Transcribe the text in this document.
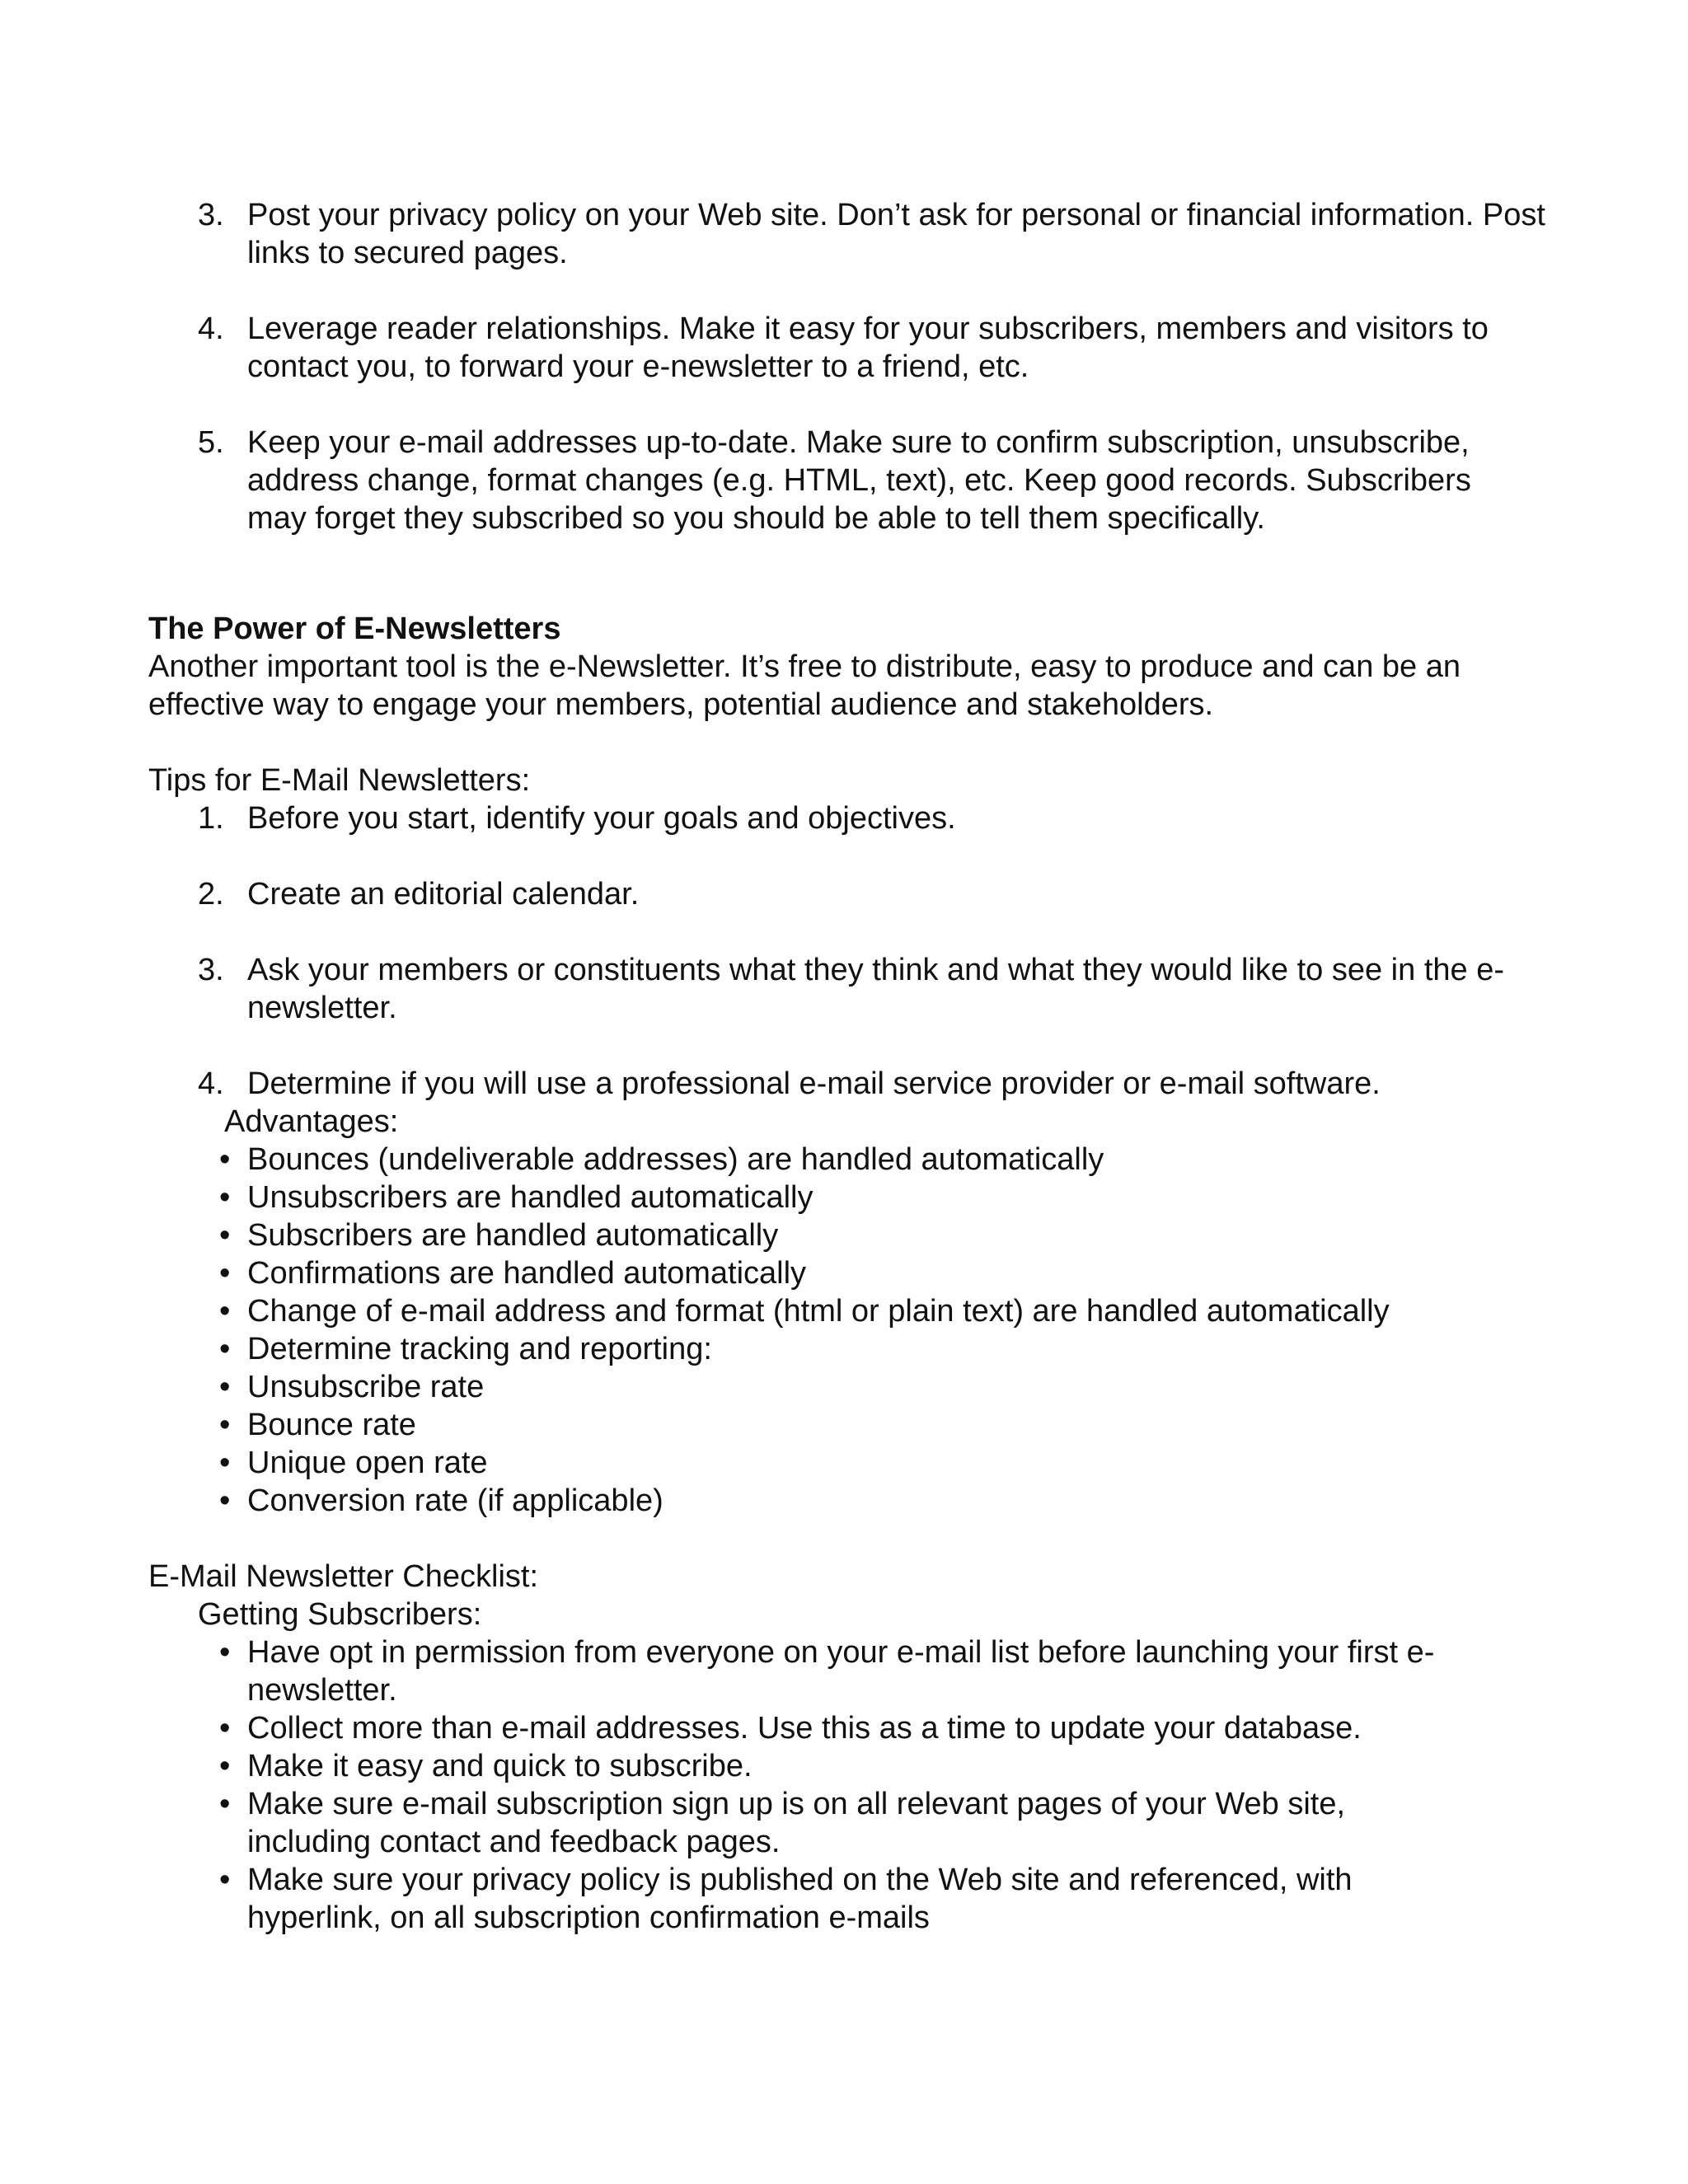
3. Post your privacy policy on your Web site. Don’t ask for personal or financial information. Post links to secured pages.

4. Leverage reader relationships. Make it easy for your subscribers, members and visitors to contact you, to forward your e-newsletter to a friend, etc.

5. Keep your e-mail addresses up-to-date. Make sure to confirm subscription, unsubscribe, address change, format changes (e.g. HTML, text), etc. Keep good records. Subscribers may forget they subscribed so you should be able to tell them specifically.

The Power of E-Newsletters

Another important tool is the e-Newsletter. It’s free to distribute, easy to produce and can be an effective way to engage your members, potential audience and stakeholders.

Tips for E-Mail Newsletters:

1. Before you start, identify your goals and objectives.

2. Create an editorial calendar.

3. Ask your members or constituents what they think and what they would like to see in the e-newsletter.

4. Determine if you will use a professional e-mail service provider or e-mail software.

Advantages:

• Bounces (undeliverable addresses) are handled automatically

• Unsubscribers are handled automatically

• Subscribers are handled automatically

• Confirmations are handled automatically

• Change of e-mail address and format (html or plain text) are handled automatically

• Determine tracking and reporting:

• Unsubscribe rate

• Bounce rate

• Unique open rate

• Conversion rate (if applicable)

E-Mail Newsletter Checklist:

Getting Subscribers:

• Have opt in permission from everyone on your e-mail list before launching your first e-newsletter.

• Collect more than e-mail addresses. Use this as a time to update your database.

• Make it easy and quick to subscribe.

• Make sure e-mail subscription sign up is on all relevant pages of your Web site, including contact and feedback pages.

• Make sure your privacy policy is published on the Web site and referenced, with hyperlink, on all subscription confirmation e-mails
